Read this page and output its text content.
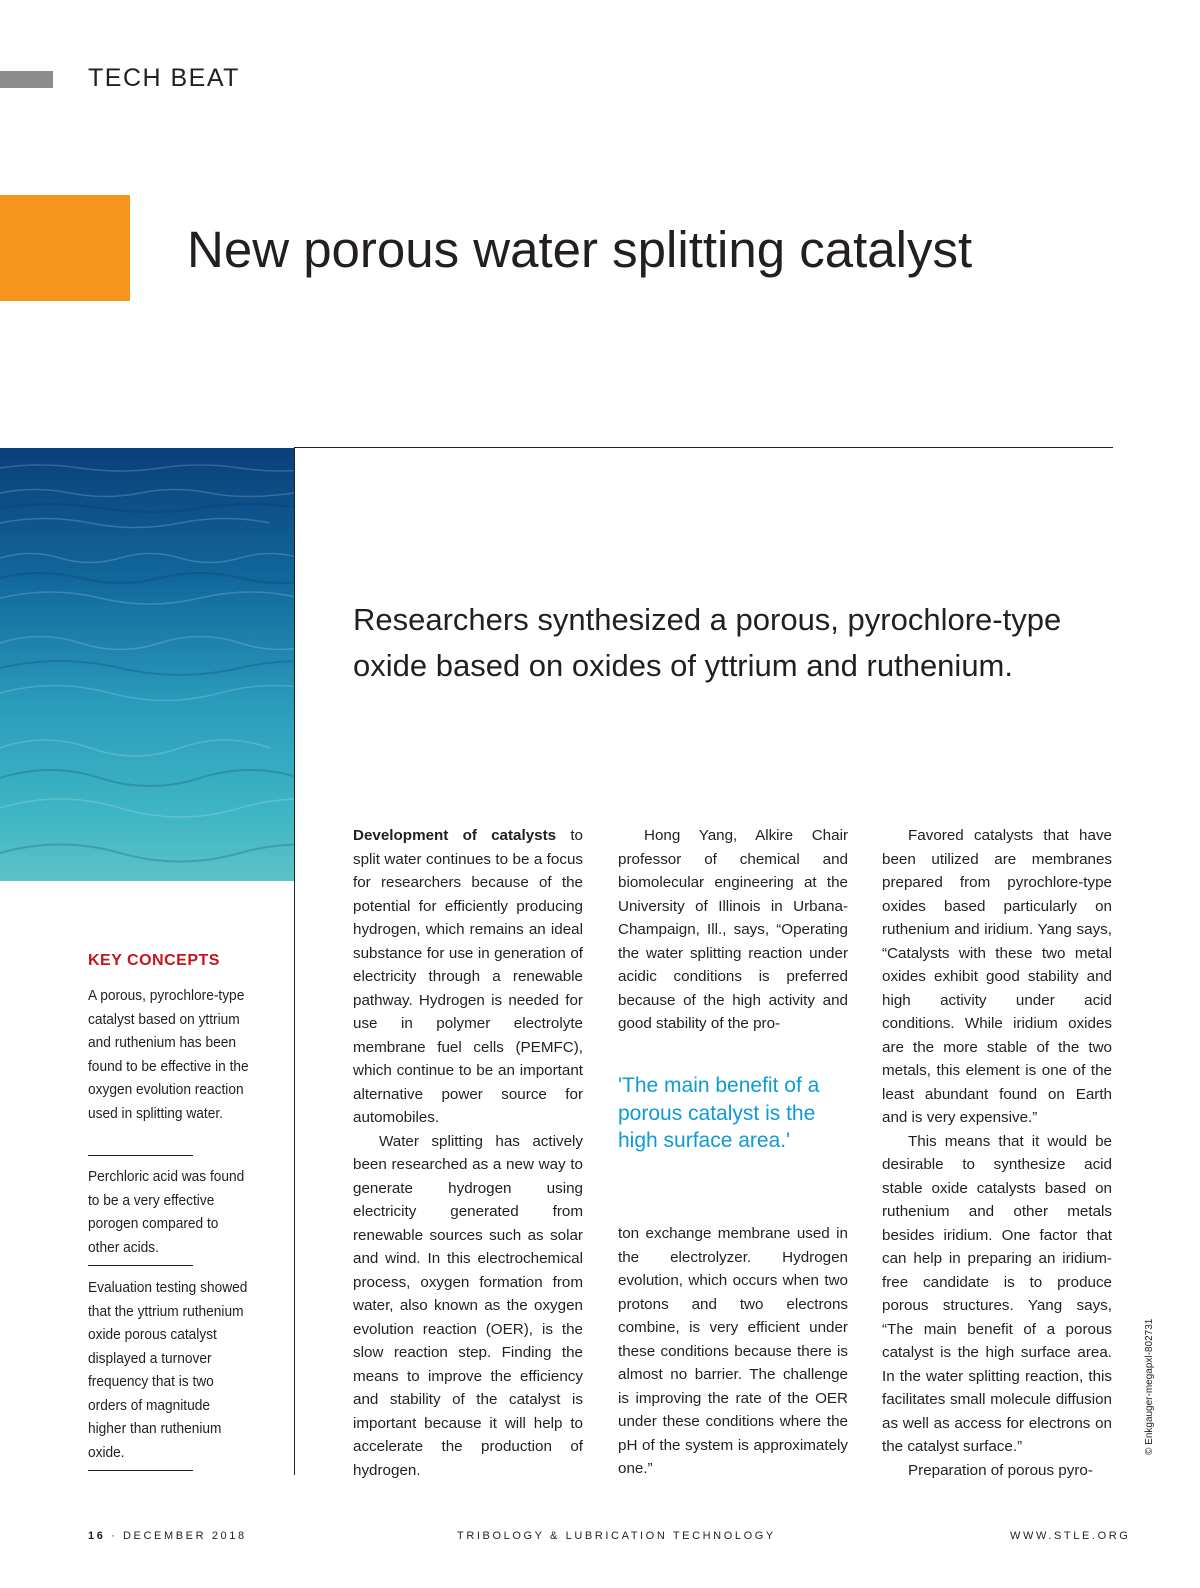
TECH BEAT
New porous water splitting catalyst
Researchers synthesized a porous, pyrochlore-type oxide based on oxides of yttrium and ruthenium.
KEY CONCEPTS
A porous, pyrochlore-type catalyst based on yttrium and ruthenium has been found to be effective in the oxygen evolution reaction used in splitting water.
Perchloric acid was found to be a very effective porogen compared to other acids.
Evaluation testing showed that the yttrium ruthenium oxide porous catalyst displayed a turnover frequency that is two orders of magnitude higher than ruthenium oxide.

Development of catalysts to split water continues to be a focus for researchers because of the potential for efficiently producing hydrogen, which remains an ideal substance for use in generation of electricity through a renewable pathway. Hydrogen is needed for use in polymer electrolyte membrane fuel cells (PEMFC), which continue to be an important alternative power source for automobiles.

Water splitting has actively been researched as a new way to generate hydrogen using electricity generated from renewable sources such as solar and wind. In this electrochemical process, oxygen formation from water, also known as the oxygen evolution reaction (OER), is the slow reaction step. Finding the means to improve the efficiency and stability of the catalyst is important because it will help to accelerate the production of hydrogen.

Hong Yang, Alkire Chair professor of chemical and biomolecular engineering at the University of Illinois in Urbana-Champaign, Ill., says, “Operating the water splitting reaction under acidic conditions is preferred because of the high activity and good stability of the pro-

'The main benefit of a porous catalyst is the high surface area.'

ton exchange membrane used in the electrolyzer. Hydrogen evolution, which occurs when two protons and two electrons combine, is very efficient under these conditions because there is almost no barrier. The challenge is improving the rate of the OER under these conditions where the pH of the system is approximately one.”

Favored catalysts that have been utilized are membranes prepared from pyrochlore-type oxides based particularly on ruthenium and iridium. Yang says, “Catalysts with these two metal oxides exhibit good stability and high activity under acid conditions. While iridium oxides are the more stable of the two metals, this element is one of the least abundant found on Earth and is very expensive.”

This means that it would be desirable to synthesize acid stable oxide catalysts based on ruthenium and other metals besides iridium. One factor that can help in preparing an iridium-free candidate is to produce porous structures. Yang says, “The main benefit of a porous catalyst is the high surface area. In the water splitting reaction, this facilitates small molecule diffusion as well as access for electrons on the catalyst surface.”

Preparation of porous pyro-

© Enkgauger-megapxl-802731
16 · DECEMBER 2018	TRIBOLOGY & LUBRICATION TECHNOLOGY	WWW.STLE.ORG
